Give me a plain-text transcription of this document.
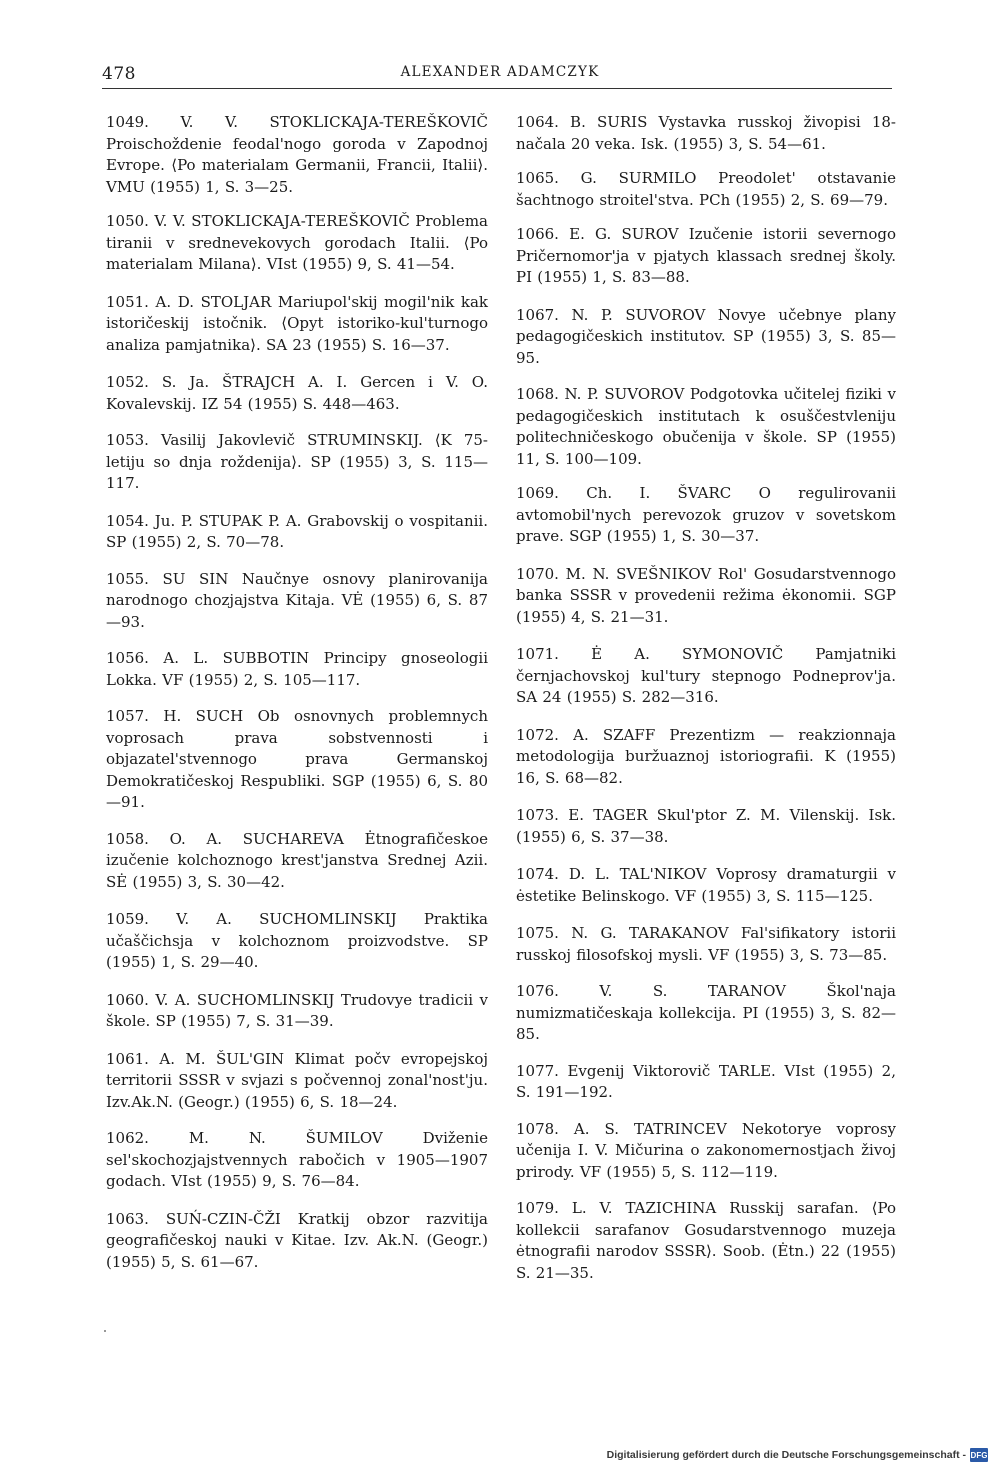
478	ALEXANDER ADAMCZYK

1049. V. V. STOKLICKAJA-TEREŠKOVIČ Proischoždenie feodal'nogo goroda v Zapodnoj Evrope. ⟨Po materialam Germanii, Francii, Italii⟩. VMU (1955) 1, S. 3—25.

1050. V. V. STOKLICKAJA-TEREŠKOVIČ Problema tiranii v srednevekovych gorodach Italii. ⟨Po materialam Milana⟩. VIst (1955) 9, S. 41—54.

1051. A. D. STOLJAR Mariupol'skij mogil'nik kak istoričeskij istočnik. ⟨Opyt istoriko-kul'turnogo analiza pamjatnika⟩. SA 23 (1955) S. 16—37.

1052. S. Ja. ŠTRAJCH A. I. Gercen i V. O. Kovalevskij. IZ 54 (1955) S. 448—463.

1053. Vasilij Jakovlevič STRUMINSKIJ. ⟨K 75-letiju so dnja roždenija⟩. SP (1955) 3, S. 115—117.

1054. Ju. P. STUPAK P. A. Grabovskij o vospitanii. SP (1955) 2, S. 70—78.

1055. SU SIN Naučnye osnovy planirovanija narodnogo chozjajstva Kitaja. VĖ (1955) 6, S. 87—93.

1056. A. L. SUBBOTIN Principy gnoseologii Lokka. VF (1955) 2, S. 105—117.

1057. H. SUCH Ob osnovnych problemnych voprosach prava sobstvennosti i objazatel'stvennogo prava Germanskoj Demokratičeskoj Respubliki. SGP (1955) 6, S. 80—91.

1058. O. A. SUCHAREVA Ėtnografičeskoe izučenie kolchoznogo krest'janstva Srednej Azii. SĖ (1955) 3, S. 30—42.

1059. V. A. SUCHOMLINSKIJ Praktika učaščichsja v kolchoznom proizvodstve. SP (1955) 1, S. 29—40.

1060. V. A. SUCHOMLINSKIJ Trudovye tradicii v škole. SP (1955) 7, S. 31—39.

1061. A. M. ŠUL'GIN Klimat počv evropejskoj territorii SSSR v svjazi s počvennoj zonal'nost'ju. Izv.Ak.N. (Geogr.) (1955) 6, S. 18—24.

1062. M. N. ŠUMILOV Dviženie sel'skochozjajstvennych rabočich v 1905—1907 godach. VIst (1955) 9, S. 76—84.

1063. SUŃ-CZIN-ČŽI Kratkij obzor razvitija geografičeskoj nauki v Kitae. Izv. Ak.N. (Geogr.) (1955) 5, S. 61—67.

1064. B. SURIS Vystavka russkoj živopisi 18-načala 20 veka. Isk. (1955) 3, S. 54—61.

1065. G. SURMILO Preodolet' otstavanie šachtnogo stroitel'stva. PCh (1955) 2, S. 69—79.

1066. E. G. SUROV Izučenie istorii severnogo Pričernomor'ja v pjatych klassach srednej školy. PI (1955) 1, S. 83—88.

1067. N. P. SUVOROV Novye učebnye plany pedagogičeskich institutov. SP (1955) 3, S. 85—95.

1068. N. P. SUVOROV Podgotovka učitelej fiziki v pedagogičeskich institutach k osuščestvleniju politechničeskogo obučenija v škole. SP (1955) 11, S. 100—109.

1069. Ch. I. ŠVARC O regulirovanii avtomobil'nych perevozok gruzov v sovetskom prave. SGP (1955) 1, S. 30—37.

1070. M. N. SVEŠNIKOV Rol' Gosudarstvennogo banka SSSR v provedenii režima ėkonomii. SGP (1955) 4, S. 21—31.

1071. Ė A. SYMONOVIČ Pamjatniki černjachovskoj kul'tury stepnogo Podneprov'ja. SA 24 (1955) S. 282—316.

1072. A. SZAFF Prezentizm — reakzionnaja metodologija buržuaznoj istoriografii. K (1955) 16, S. 68—82.

1073. E. TAGER Skul'ptor Z. M. Vilenskij. Isk. (1955) 6, S. 37—38.

1074. D. L. TAL'NIKOV Voprosy dramaturgii v ėstetike Belinskogo. VF (1955) 3, S. 115—125.

1075. N. G. TARAKANOV Fal'sifikatory istorii russkoj filosofskoj mysli. VF (1955) 3, S. 73—85.

1076. V. S. TARANOV Škol'naja numizmatičeskaja kollekcija. PI (1955) 3, S. 82—85.

1077. Evgenij Viktorovič TARLE. VIst (1955) 2, S. 191—192.

1078. A. S. TATRINCEV Nekotorye voprosy učenija I. V. Mičurina o zakonomernostjach živoj prirody. VF (1955) 5, S. 112—119.

1079. L. V. TAZICHINA Russkij sarafan. ⟨Po kollekcii sarafanov Gosudarstvennogo muzeja ėtnografii narodov SSSR⟩. Soob. (Ėtn.) 22 (1955) S. 21—35.

Digitalisierung gefördert durch die Deutsche Forschungsgemeinschaft - DFG
